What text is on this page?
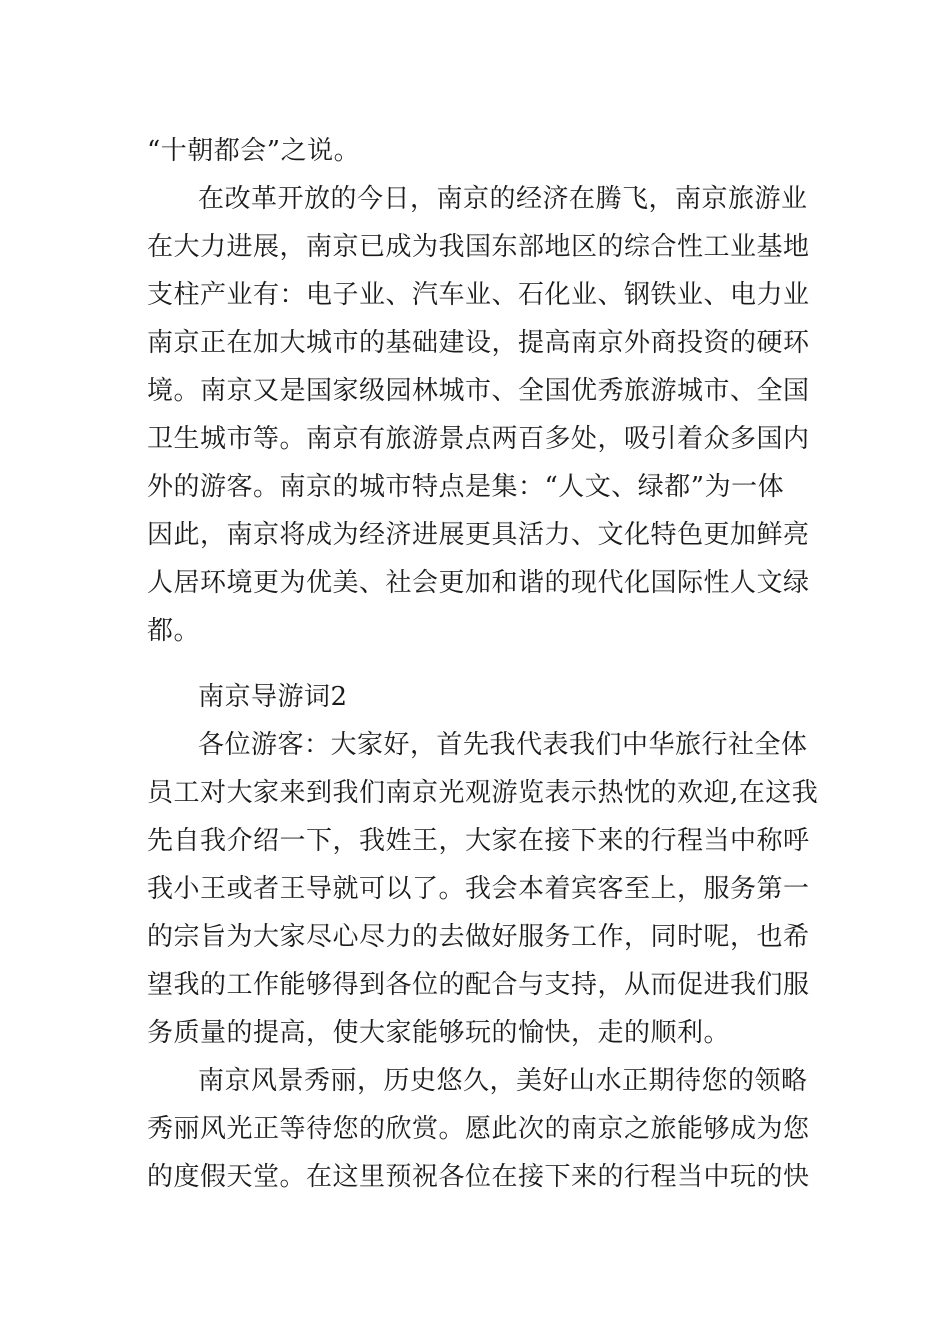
“十朝都会”之说。
在改革开放的今日，南京的经济在腾飞，南京旅游业
在大力进展，南京已成为我国东部地区的综合性工业基地
支柱产业有：电子业、汽车业、石化业、钢铁业、电力业
南京正在加大城市的基础建设，提高南京外商投资的硬环
境。南京又是国家级园林城市、全国优秀旅游城市、全国
卫生城市等。南京有旅游景点两百多处，吸引着众多国内
外的游客。南京的城市特点是集：“人文、绿都”为一体
因此，南京将成为经济进展更具活力、文化特色更加鲜亮
人居环境更为优美、社会更加和谐的现代化国际性人文绿
都。
南京导游词2
各位游客：大家好，首先我代表我们中华旅行社全体
员工对大家来到我们南京光观游览表示热忱的欢迎,在这我
先自我介绍一下，我姓王，大家在接下来的行程当中称呼
我小王或者王导就可以了。我会本着宾客至上，服务第一
的宗旨为大家尽心尽力的去做好服务工作，同时呢，也希
望我的工作能够得到各位的配合与支持，从而促进我们服
务质量的提高，使大家能够玩的愉快，走的顺利。
南京风景秀丽，历史悠久，美好山水正期待您的领略
秀丽风光正等待您的欣赏。愿此次的南京之旅能够成为您
的度假天堂。在这里预祝各位在接下来的行程当中玩的快
